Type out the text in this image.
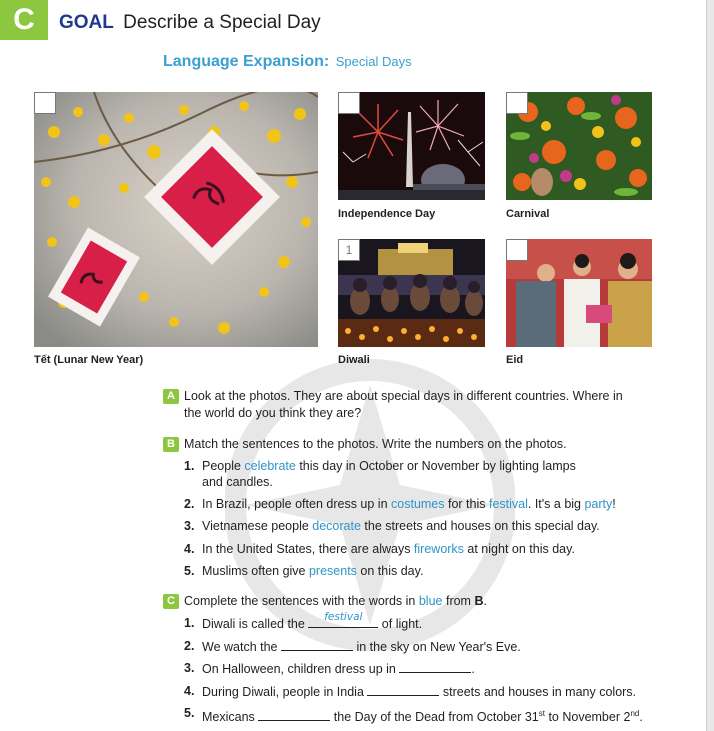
C	GOAL Describe a Special Day
Language Expansion: Special Days
Tết (Lunar New Year)
Independence Day	Carnival
1
Diwali	Eid
A Look at the photos. They are about special days in different countries. Where in
the world do you think they are?
B Match the sentences to the photos. Write the numbers on the photos.
1. People celebrate this day in October or November by lighting lamps
and candles.
2. In Brazil, people often dress up in costumes for this festival. It's a big party!
3. Vietnamese people decorate the streets and houses on this special day.
4. In the United States, there are always fireworks at night on this day.
5. Muslims often give presents on this day.
C Complete the sentences with the words in blue from B.
1. Diwali is called the	festival	of light.
2. We watch the	in the sky on New Year's Eve.
3. On Halloween, children dress up in	.
4. During Diwali, people in India	streets and houses in many colors.
5. Mexicans	the Day of the Dead from October 31st to November 2nd.
